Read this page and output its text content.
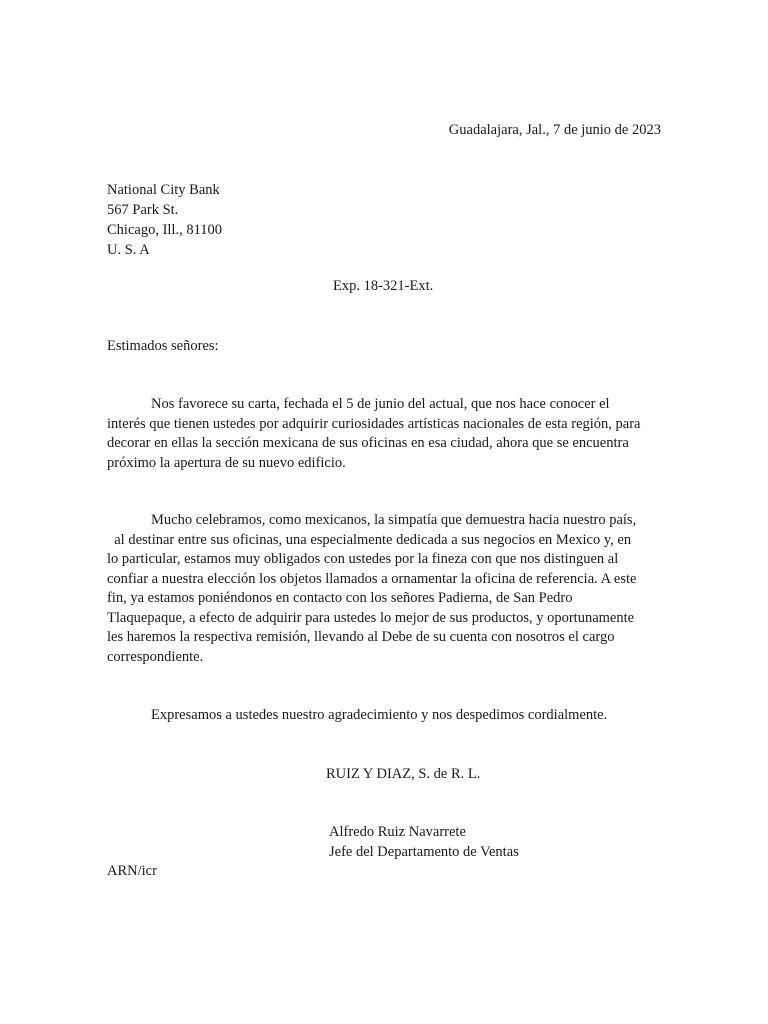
Guadalajara, Jal., 7 de junio de 2023
National City Bank
567 Park St.
Chicago, Ill., 81100
U. S. A
Exp. 18-321-Ext.
Estimados señores:
Nos favorece su carta, fechada el 5 de junio del actual, que nos hace conocer el
interés que tienen ustedes por adquirir curiosidades artísticas nacionales de esta región, para
decorar en ellas la sección mexicana de sus oficinas en esa ciudad, ahora que se encuentra
próximo la apertura de su nuevo edificio.
Mucho celebramos, como mexicanos, la simpatía que demuestra hacia nuestro país,
al destinar entre sus oficinas, una especialmente dedicada a sus negocios en Mexico y, en
lo particular, estamos muy obligados con ustedes por la fineza con que nos distinguen al
confiar a nuestra elección los objetos llamados a ornamentar la oficina de referencia. A este
fin, ya estamos poniéndonos en contacto con los señores Padierna, de San Pedro
Tlaquepaque, a efecto de adquirir para ustedes lo mejor de sus productos, y oportunamente
les haremos la respectiva remisión, llevando al Debe de su cuenta con nosotros el cargo
correspondiente.
Expresamos a ustedes nuestro agradecimiento y nos despedimos cordialmente.
RUIZ Y DIAZ, S. de R. L.
Alfredo Ruiz Navarrete
Jefe del Departamento de Ventas
ARN/icr
